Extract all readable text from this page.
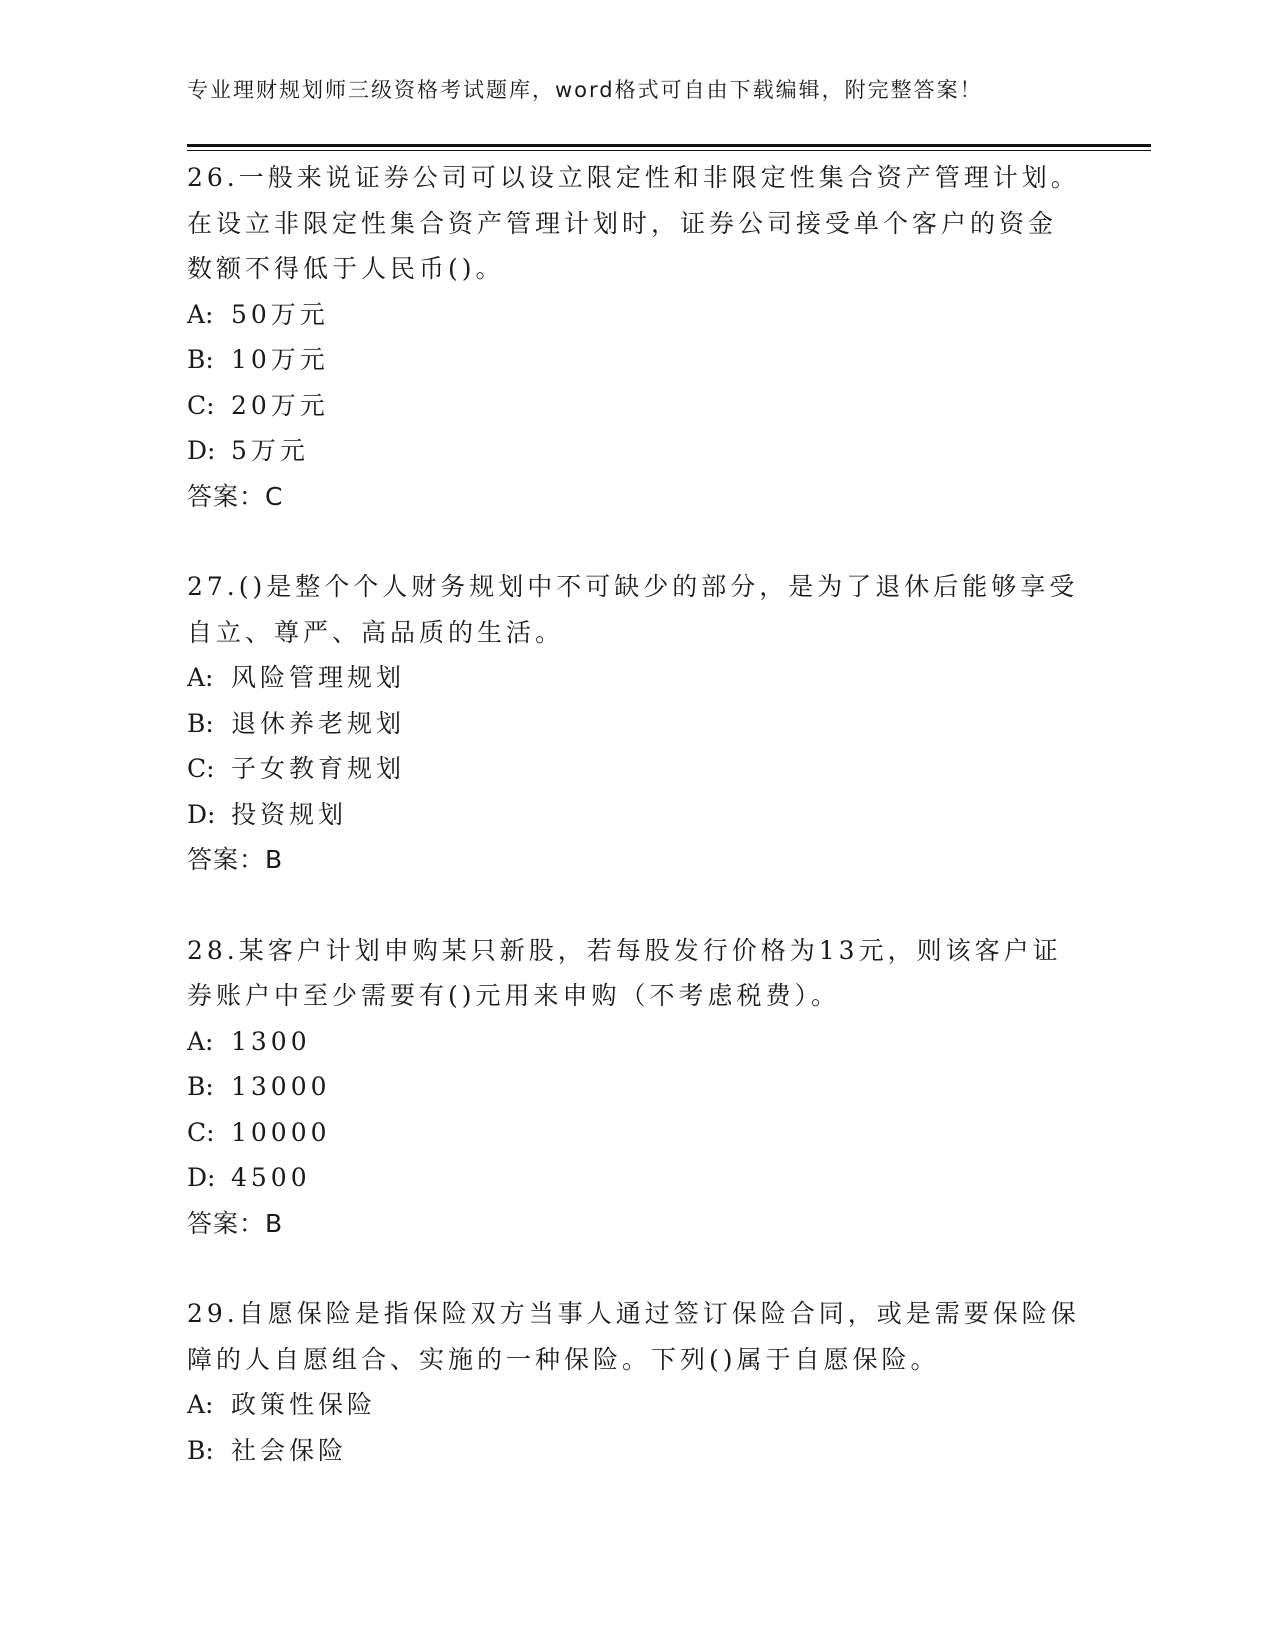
专业理财规划师三级资格考试题库，word格式可自由下载编辑，附完整答案！
26.一般来说证券公司可以设立限定性和非限定性集合资产管理计划。
在设立非限定性集合资产管理计划时，证券公司接受单个客户的资金
数额不得低于人民币()。
A: 50万元
B: 10万元
C: 20万元
D: 5万元
答案：C
27.()是整个个人财务规划中不可缺少的部分，是为了退休后能够享受
自立、尊严、高品质的生活。
A: 风险管理规划
B: 退休养老规划
C: 子女教育规划
D: 投资规划
答案：B
28.某客户计划申购某只新股，若每股发行价格为13元，则该客户证
券账户中至少需要有()元用来申购（不考虑税费）。
A: 1300
B: 13000
C: 10000
D: 4500
答案：B
29.自愿保险是指保险双方当事人通过签订保险合同，或是需要保险保
障的人自愿组合、实施的一种保险。下列()属于自愿保险。
A: 政策性保险
B: 社会保险
